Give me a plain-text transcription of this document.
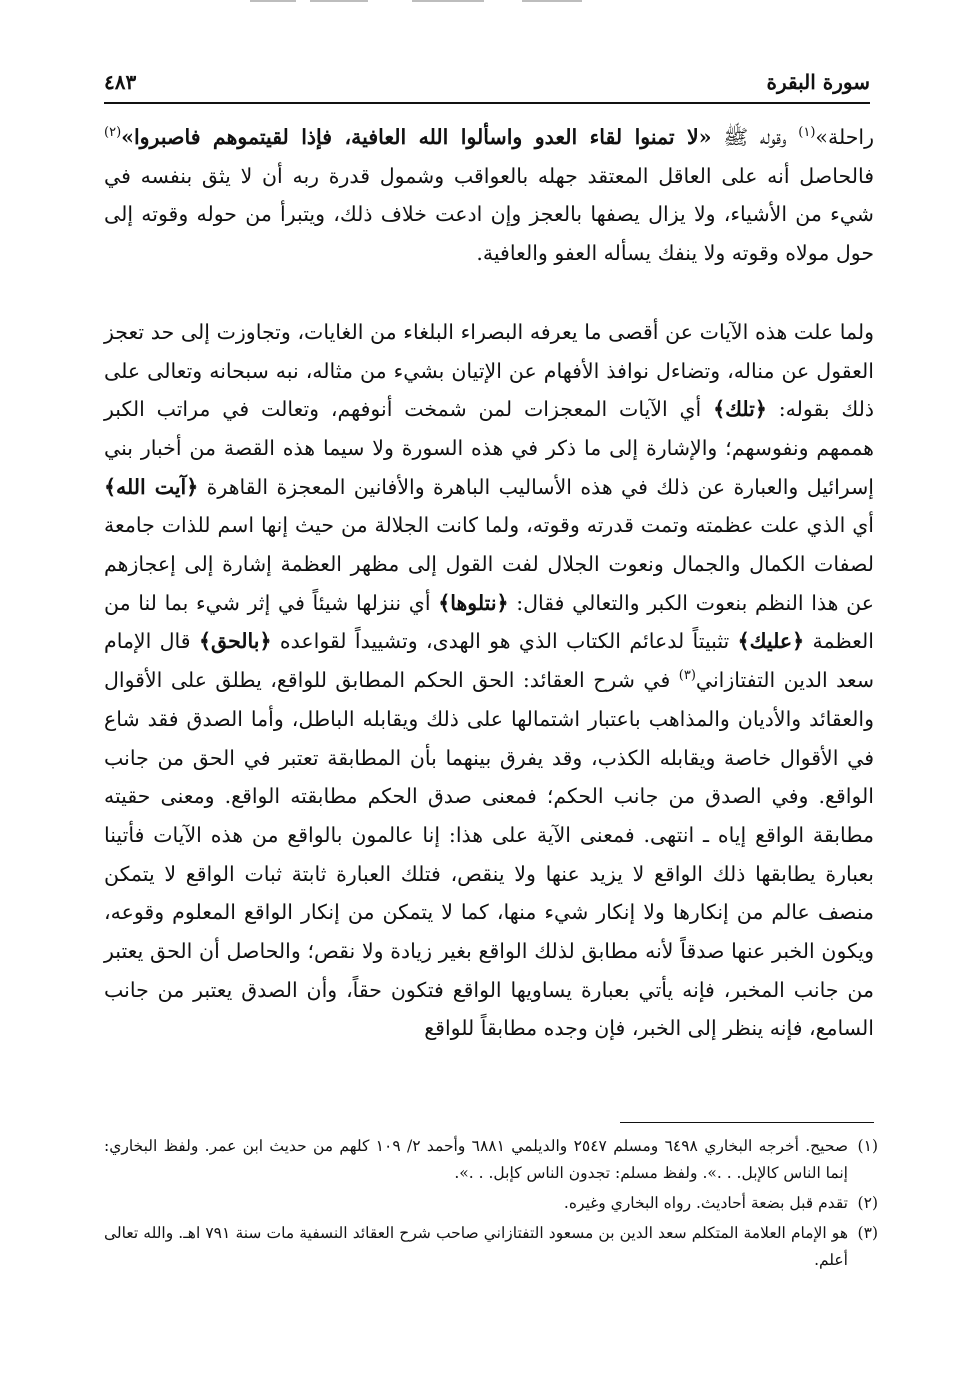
سورة البقرة
٤٨٣

راحلة»$^{(١)}$ وقوله ﷺ «لا تمنوا لقاء العدو واسألوا الله العافية، فإذا لقيتموهم فاصبروا»$^{(٢)}$ فالحاصل أنه على العاقل المعتقد جهله بالعواقب وشمول قدرة ربه أن لا يثق بنفسه في شيء من الأشياء، ولا يزال يصفها بالعجز وإن ادعت خلاف ذلك، ويتبرأ من حوله وقوته إلى حول مولاه وقوته ولا ينفك يسأله العفو والعافية.

ولما علت هذه الآيات عن أقصى ما يعرفه البصراء البلغاء من الغايات، وتجاوزت إلى حد تعجز العقول عن مناله، وتضاءل نوافذ الأفهام عن الإتيان بشيء من مثاله، نبه سبحانه وتعالى على ذلك بقوله: ﴿تلك﴾ أي الآيات المعجزات لمن شمخت أنوفهم، وتعالت في مراتب الكبر هممهم ونفوسهم؛ والإشارة إلى ما ذكر في هذه السورة ولا سيما هذه القصة من أخبار بني إسرائيل والعبارة عن ذلك في هذه الأساليب الباهرة والأفانين المعجزة القاهرة ﴿آيت الله﴾ أي الذي علت عظمته وتمت قدرته وقوته، ولما كانت الجلالة من حيث إنها اسم للذات جامعة لصفات الكمال والجمال ونعوت الجلال لفت القول إلى مظهر العظمة إشارة إلى إعجازهم عن هذا النظم بنعوت الكبر والتعالي فقال: ﴿نتلوها﴾ أي ننزلها شيئاً في إثر شيء بما لنا من العظمة ﴿عليك﴾ تثبيتاً لدعائم الكتاب الذي هو الهدى، وتشييداً لقواعده ﴿بالحق﴾ قال الإمام سعد الدين التفتازاني$^{(٣)}$ في شرح العقائد: الحق الحكم المطابق للواقع، يطلق على الأقوال والعقائد والأديان والمذاهب باعتبار اشتمالها على ذلك ويقابله الباطل، وأما الصدق فقد شاع في الأقوال خاصة ويقابله الكذب، وقد يفرق بينهما بأن المطابقة تعتبر في الحق من جانب الواقع. وفي الصدق من جانب الحكم؛ فمعنى صدق الحكم مطابقته الواقع. ومعنى حقيته مطابقة الواقع إياه ـ انتهى. فمعنى الآية على هذا: إنا عالمون بالواقع من هذه الآيات فأتينا بعبارة يطابقها ذلك الواقع لا يزيد عنها ولا ينقص، فتلك العبارة ثابتة ثبات الواقع لا يتمكن منصف عالم من إنكارها ولا إنكار شيء منها، كما لا يتمكن من إنكار الواقع المعلوم وقوعه، ويكون الخبر عنها صدقاً لأنه مطابق لذلك الواقع بغير زيادة ولا نقص؛ والحاصل أن الحق يعتبر من جانب المخبر، فإنه يأتي بعبارة يساويها الواقع فتكون حقاً، وأن الصدق يعتبر من جانب السامع، فإنه ينظر إلى الخبر، فإن وجده مطابقاً للواقع

(١)
صحيح. أخرجه البخاري ٦٤٩٨ ومسلم ٢٥٤٧ والديلمي ٦٨٨١ وأحمد ٢/ ١٠٩ كلهم من حديث ابن عمر. ولفظ البخاري: إنما الناس كالإبل. . .». ولفظ مسلم: تجدون الناس كإبل. . .».
(٢)
تقدم قبل بضعة أحاديث. رواه البخاري وغيره.
(٣)
هو الإمام العلامة المتكلم سعد الدين بن مسعود التفتازاني صاحب شرح العقائد النسفية مات سنة ٧٩١ اهـ. والله تعالى أعلم.
